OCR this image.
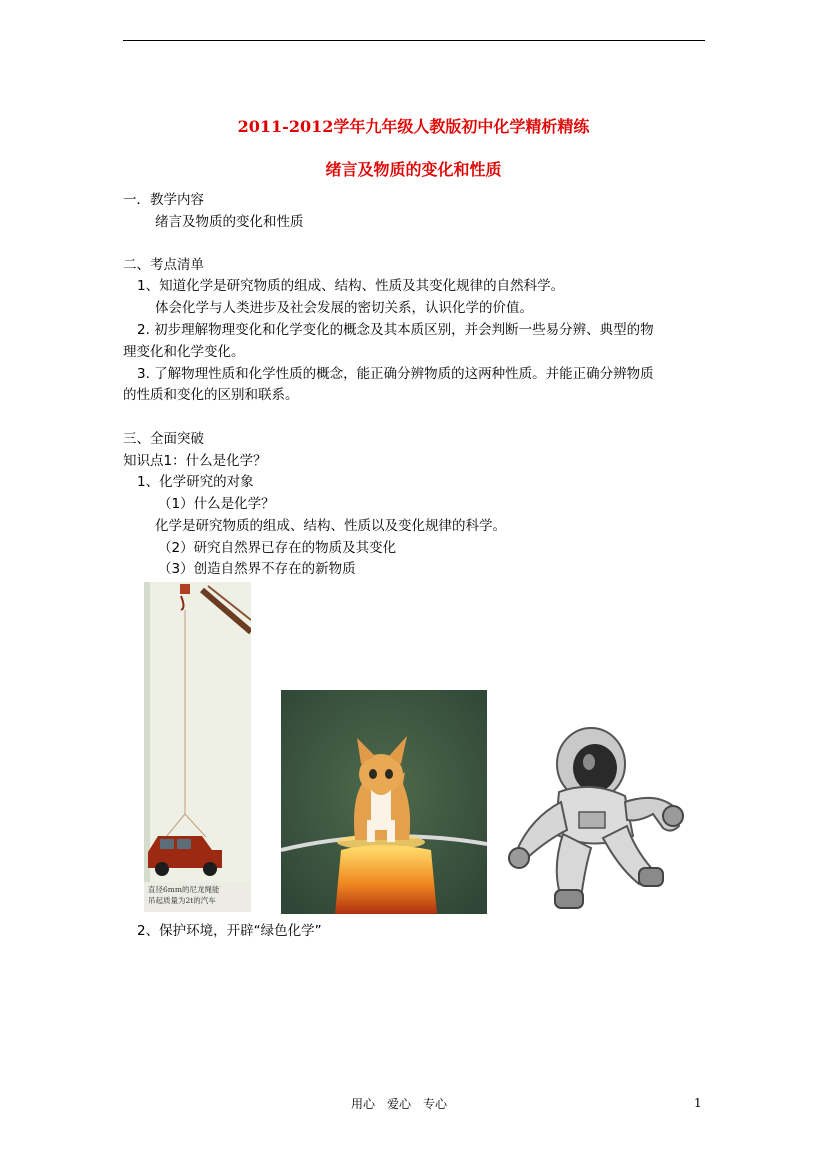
2011-2012学年九年级人教版初中化学精析精练
绪言及物质的变化和性质
一．教学内容
绪言及物质的变化和性质
二、考点清单
1、知道化学是研究物质的组成、结构、性质及其变化规律的自然科学。
体会化学与人类进步及社会发展的密切关系，认识化学的价值。
2. 初步理解物理变化和化学变化的概念及其本质区别，并会判断一些易分辨、典型的物
理变化和化学变化。
3. 了解物理性质和化学性质的概念，能正确分辨物质的这两种性质。并能正确分辨物质
的性质和变化的区别和联系。
三、全面突破
知识点1：什么是化学？
1、化学研究的对象
（1）什么是化学？
化学是研究物质的组成、结构、性质以及变化规律的科学。
（2）研究自然界已存在的物质及其变化
（3）创造自然界不存在的新物质
直径6mm的尼龙绳能
吊起质量为2t的汽车
2、保护环境，开辟“绿色化学”
用心　爱心　专心	1
